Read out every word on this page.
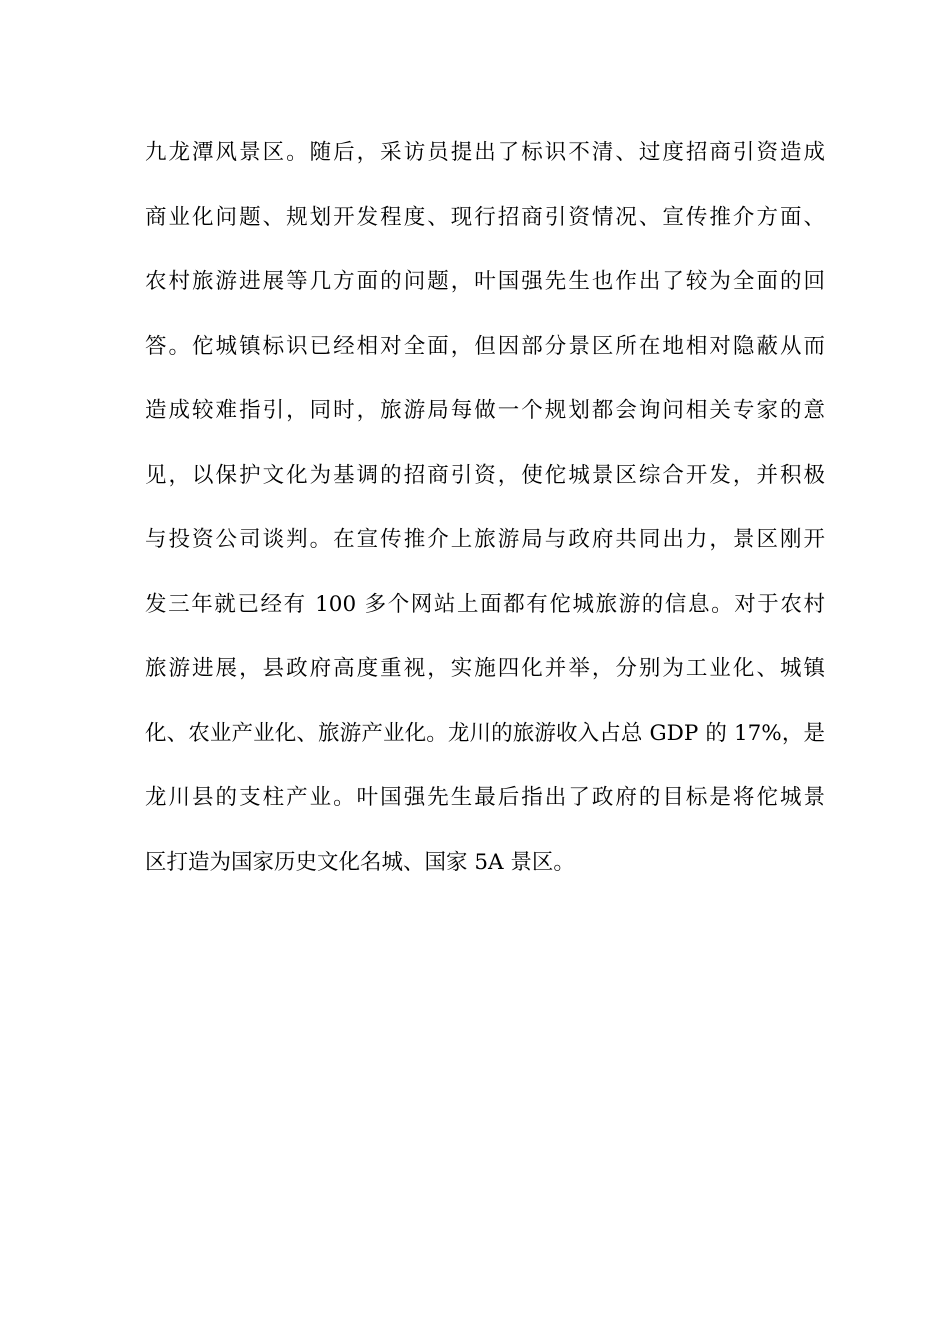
九龙潭风景区。随后，采访员提出了标识不清、过度招商引资造成
商业化问题、规划开发程度、现行招商引资情况、宣传推介方面、
农村旅游进展等几方面的问题，叶国强先生也作出了较为全面的回
答。佗城镇标识已经相对全面，但因部分景区所在地相对隐蔽从而
造成较难指引，同时，旅游局每做一个规划都会询问相关专家的意
见，以保护文化为基调的招商引资，使佗城景区综合开发，并积极
与投资公司谈判。在宣传推介上旅游局与政府共同出力，景区刚开
发三年就已经有 100 多个网站上面都有佗城旅游的信息。对于农村
旅游进展，县政府高度重视，实施四化并举，分别为工业化、城镇
化、农业产业化、旅游产业化。龙川的旅游收入占总 GDP 的 17%，是
龙川县的支柱产业。叶国强先生最后指出了政府的目标是将佗城景
区打造为国家历史文化名城、国家 5A 景区。
